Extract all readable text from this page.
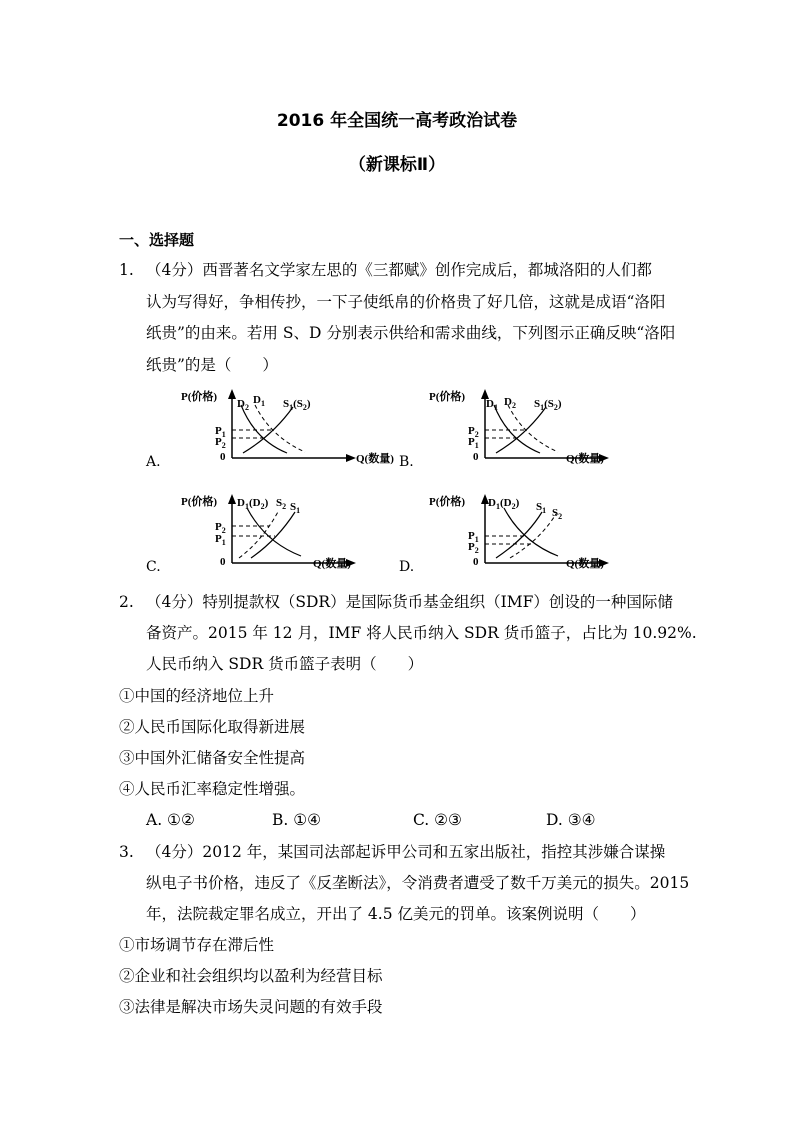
2016 年全国统一高考政治试卷
（新课标Ⅱ）
一、选择题
1. （4分）西晋著名文学家左思的《三都赋》创作完成后，都城洛阳的人们都
认为写得好，争相传抄，一下子使纸帛的价格贵了好几倍，这就是成语“洛阳
纸贵”的由来。若用 S、D 分别表示供给和需求曲线，下列图示正确反映“洛阳
纸贵”的是（　　）
A.	B.
C.	D.
P(价格)
Q(数量)
0
$D_2$
$D_1$ $S_1(S_2)$
$P_1$
$P_2$
P(价格)
Q(数量)
0
$D_1$ $D_2$ $S_1(S_2)$
$P_2$
$P_1$
P(价格)
Q(数量)
0
$D_1(D_2)$ $S_2$ $S_1$
$P_2$
$P_1$
P(价格)
Q(数量)
0
$D_1(D_2)$ $S_1$ $S_2$
$P_1$
$P_2$
2. （4分）特别提款权（SDR）是国际货币基金组织（IMF）创设的一种国际储
备资产。2015 年 12 月，IMF 将人民币纳入 SDR 货币篮子，占比为 10.92%.
人民币纳入 SDR 货币篮子表明（　　）
①中国的经济地位上升
②人民币国际化取得新进展
③中国外汇储备安全性提高
④人民币汇率稳定性增强。
A. ①②	B. ①④	C. ②③	D. ③④
3. （4分）2012 年，某国司法部起诉甲公司和五家出版社，指控其涉嫌合谋操
纵电子书价格，违反了《反垄断法》，令消费者遭受了数千万美元的损失。2015
年，法院裁定罪名成立，开出了 4.5 亿美元的罚单。该案例说明（　　）
①市场调节存在滞后性
②企业和社会组织均以盈利为经营目标
③法律是解决市场失灵问题的有效手段
